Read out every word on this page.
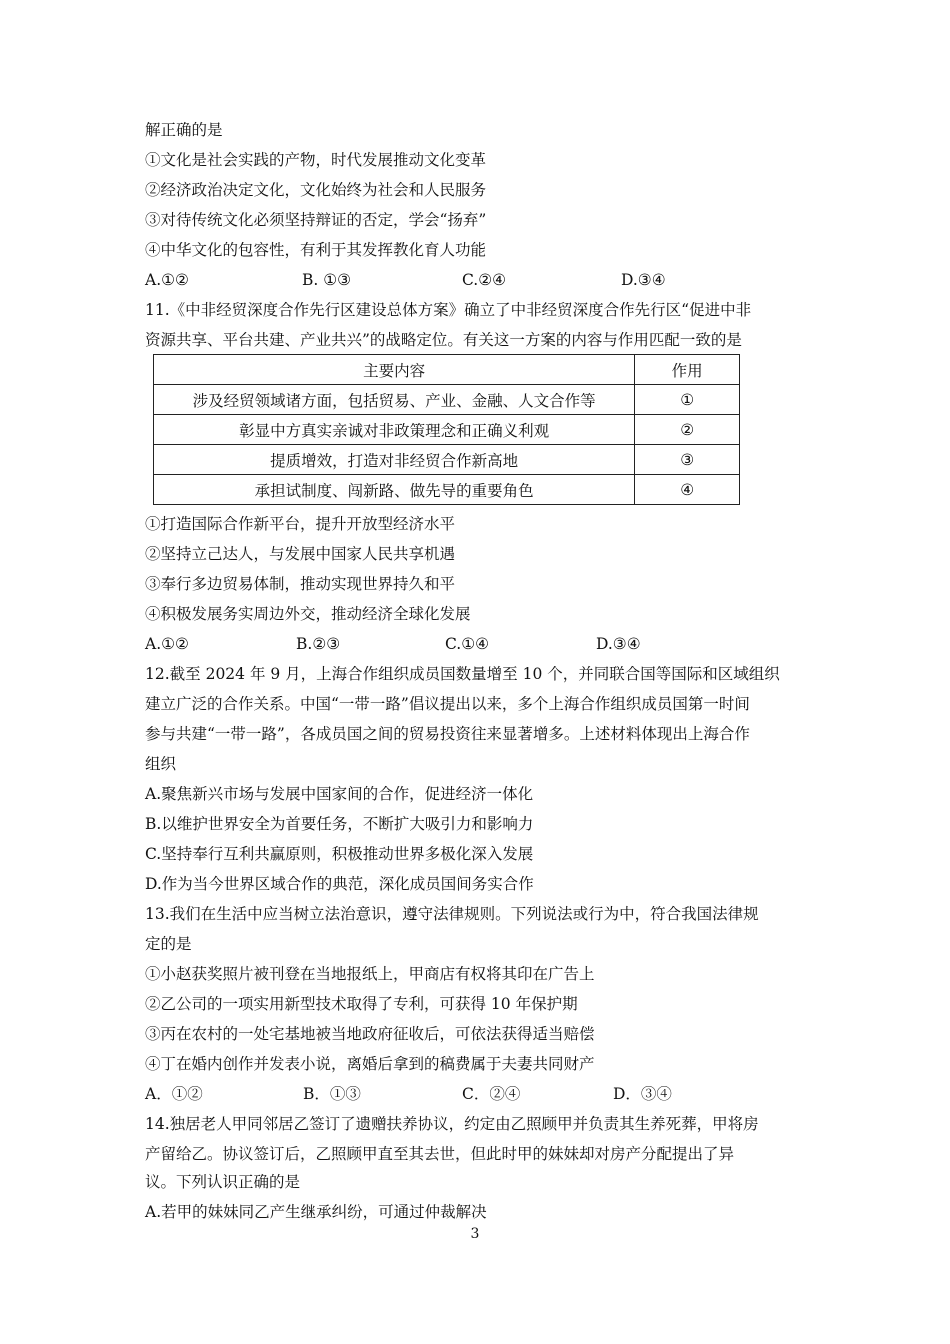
解正确的是
①文化是社会实践的产物，时代发展推动文化变革
②经济政治决定文化，文化始终为社会和人民服务
③对待传统文化必须坚持辩证的否定，学会“扬弃”
④中华文化的包容性，有利于其发挥教化育人功能
A.①②	B. ①③	C.②④	D.③④
11.《中非经贸深度合作先行区建设总体方案》确立了中非经贸深度合作先行区“促进中非
资源共享、平台共建、产业共兴”的战略定位。有关这一方案的内容与作用匹配一致的是
主要内容	作用
涉及经贸领域诸方面，包括贸易、产业、金融、人文合作等	①
彰显中方真实亲诚对非政策理念和正确义利观	②
提质增效，打造对非经贸合作新高地	③
承担试制度、闯新路、做先导的重要角色	④
①打造国际合作新平台，提升开放型经济水平
②坚持立己达人，与发展中国家人民共享机遇
③奉行多边贸易体制，推动实现世界持久和平
④积极发展务实周边外交，推动经济全球化发展
A.①②	B.②③	C.①④	D.③④
12.截至 2024 年 9 月，上海合作组织成员国数量增至 10 个，并同联合国等国际和区域组织
建立广泛的合作关系。中国“一带一路”倡议提出以来，多个上海合作组织成员国第一时间
参与共建“一带一路”，各成员国之间的贸易投资往来显著增多。上述材料体现出上海合作
组织
A.聚焦新兴市场与发展中国家间的合作，促进经济一体化
B.以维护世界安全为首要任务，不断扩大吸引力和影响力
C.坚持奉行互利共赢原则，积极推动世界多极化深入发展
D.作为当今世界区域合作的典范，深化成员国间务实合作
13.我们在生活中应当树立法治意识，遵守法律规则。下列说法或行为中，符合我国法律规
定的是
①小赵获奖照片被刊登在当地报纸上，甲商店有权将其印在广告上
②乙公司的一项实用新型技术取得了专利，可获得 10 年保护期
③丙在农村的一处宅基地被当地政府征收后，可依法获得适当赔偿
④丁在婚内创作并发表小说，离婚后拿到的稿费属于夫妻共同财产
A．①②	B．①③	C．②④	D．③④
14.独居老人甲同邻居乙签订了遗赠扶养协议，约定由乙照顾甲并负责其生养死葬，甲将房
产留给乙。协议签订后，乙照顾甲直至其去世，但此时甲的妹妹却对房产分配提出了异
议。下列认识正确的是
A.若甲的妹妹同乙产生继承纠纷，可通过仲裁解决
3
